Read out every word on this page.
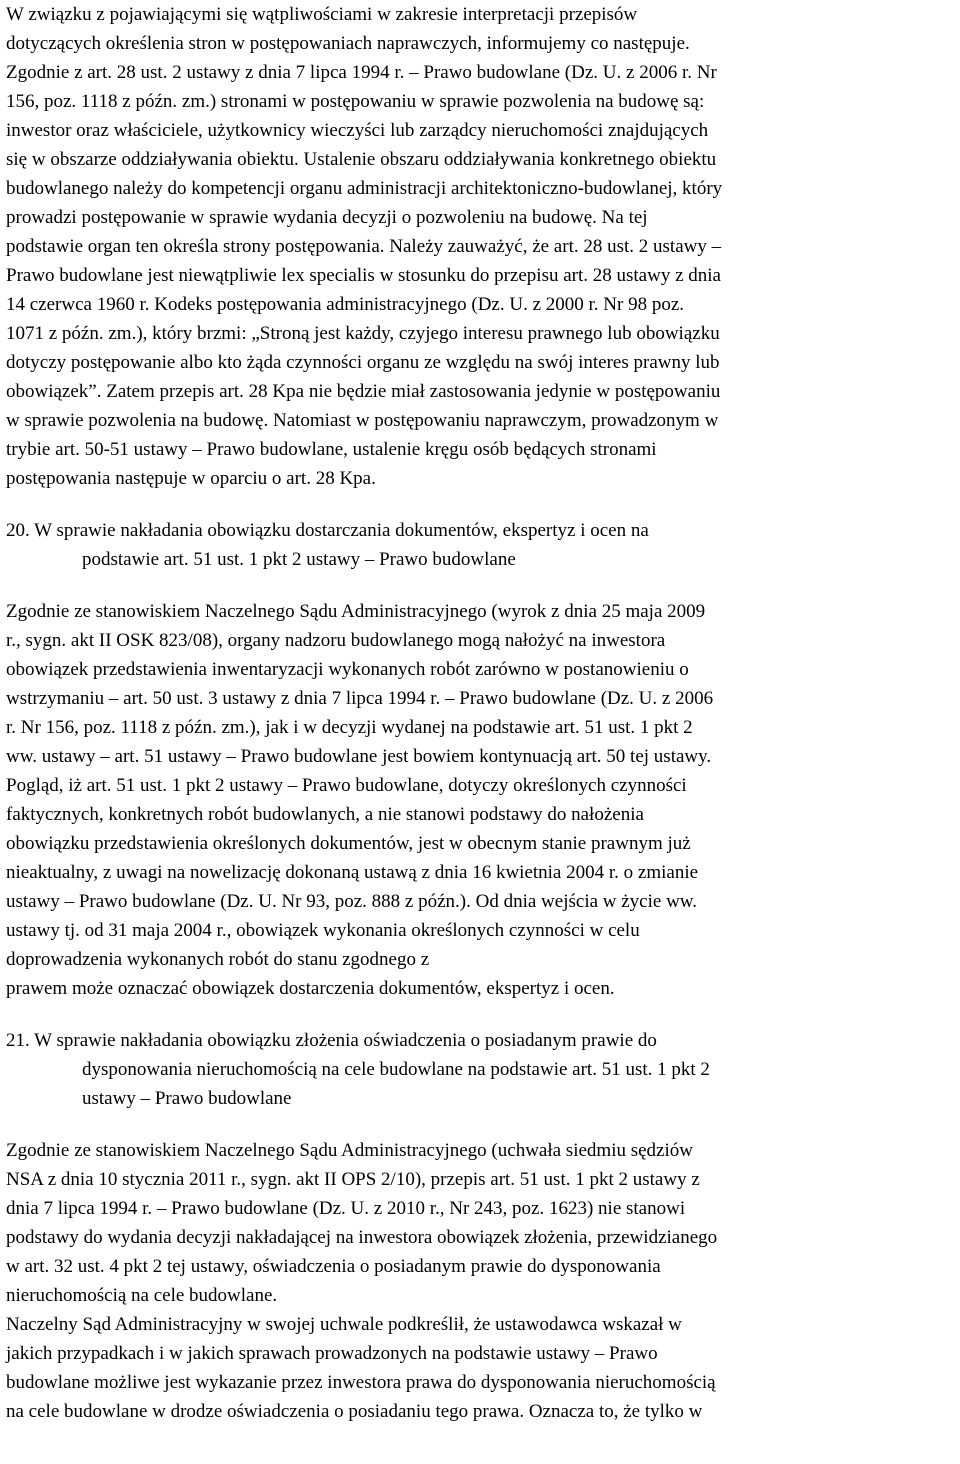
W związku z pojawiającymi się wątpliwościami w zakresie interpretacji przepisów
dotyczących określenia stron w postępowaniach naprawczych, informujemy co następuje.
Zgodnie z art. 28 ust. 2 ustawy z dnia 7 lipca 1994 r. – Prawo budowlane (Dz. U. z 2006 r. Nr
156, poz. 1118 z późn. zm.) stronami w postępowaniu w sprawie pozwolenia na budowę są:
inwestor oraz właściciele, użytkownicy wieczyści lub zarządcy nieruchomości znajdujących
się w obszarze oddziaływania obiektu. Ustalenie obszaru oddziaływania konkretnego obiektu
budowlanego należy do kompetencji organu administracji architektoniczno-budowlanej, który
prowadzi postępowanie w sprawie wydania decyzji o pozwoleniu na budowę. Na tej
podstawie organ ten określa strony postępowania. Należy zauważyć, że art. 28 ust. 2 ustawy –
Prawo budowlane jest niewątpliwie lex specialis w stosunku do przepisu art. 28 ustawy z dnia
14 czerwca 1960 r. Kodeks postępowania administracyjnego (Dz. U. z 2000 r. Nr 98 poz.
1071 z późn. zm.), który brzmi: „Stroną jest każdy, czyjego interesu prawnego lub obowiązku
dotyczy postępowanie albo kto żąda czynności organu ze względu na swój interes prawny lub
obowiązek”. Zatem przepis art. 28 Kpa nie będzie miał zastosowania jedynie w postępowaniu
w sprawie pozwolenia na budowę. Natomiast w postępowaniu naprawczym, prowadzonym w
trybie art. 50-51 ustawy – Prawo budowlane, ustalenie kręgu osób będących stronami
postępowania następuje w oparciu o art. 28 Kpa.
20. W sprawie nakładania obowiązku dostarczania dokumentów, ekspertyz i ocen na
podstawie art. 51 ust. 1 pkt 2 ustawy – Prawo budowlane
Zgodnie ze stanowiskiem Naczelnego Sądu Administracyjnego (wyrok z dnia 25 maja 2009
r., sygn. akt II OSK 823/08), organy nadzoru budowlanego mogą nałożyć na inwestora
obowiązek przedstawienia inwentaryzacji wykonanych robót zarówno w postanowieniu o
wstrzymaniu – art. 50 ust. 3 ustawy z dnia 7 lipca 1994 r. – Prawo budowlane (Dz. U. z 2006
r. Nr 156, poz. 1118 z późn. zm.), jak i w decyzji wydanej na podstawie art. 51 ust. 1 pkt 2
ww. ustawy – art. 51 ustawy – Prawo budowlane jest bowiem kontynuacją art. 50 tej ustawy.
Pogląd, iż art. 51 ust. 1 pkt 2 ustawy – Prawo budowlane, dotyczy określonych czynności
faktycznych, konkretnych robót budowlanych, a nie stanowi podstawy do nałożenia
obowiązku przedstawienia określonych dokumentów, jest w obecnym stanie prawnym już
nieaktualny, z uwagi na nowelizację dokonaną ustawą z dnia 16 kwietnia 2004 r. o zmianie
ustawy – Prawo budowlane (Dz. U. Nr 93, poz. 888 z późn.). Od dnia wejścia w życie ww.
ustawy tj. od 31 maja 2004 r., obowiązek wykonania określonych czynności w celu
doprowadzenia wykonanych robót do stanu zgodnego z
prawem może oznaczać obowiązek dostarczenia dokumentów, ekspertyz i ocen.
21. W sprawie nakładania obowiązku złożenia oświadczenia o posiadanym prawie do
dysponowania nieruchomością na cele budowlane na podstawie art. 51 ust. 1 pkt 2
ustawy – Prawo budowlane
Zgodnie ze stanowiskiem Naczelnego Sądu Administracyjnego (uchwała siedmiu sędziów
NSA z dnia 10 stycznia 2011 r., sygn. akt II OPS 2/10), przepis art. 51 ust. 1 pkt 2 ustawy z
dnia 7 lipca 1994 r. – Prawo budowlane (Dz. U. z 2010 r., Nr 243, poz. 1623) nie stanowi
podstawy do wydania decyzji nakładającej na inwestora obowiązek złożenia, przewidzianego
w art. 32 ust. 4 pkt 2 tej ustawy, oświadczenia o posiadanym prawie do dysponowania
nieruchomością na cele budowlane.
Naczelny Sąd Administracyjny w swojej uchwale podkreślił, że ustawodawca wskazał w
jakich przypadkach i w jakich sprawach prowadzonych na podstawie ustawy – Prawo
budowlane możliwe jest wykazanie przez inwestora prawa do dysponowania nieruchomością
na cele budowlane w drodze oświadczenia o posiadaniu tego prawa. Oznacza to, że tylko w
